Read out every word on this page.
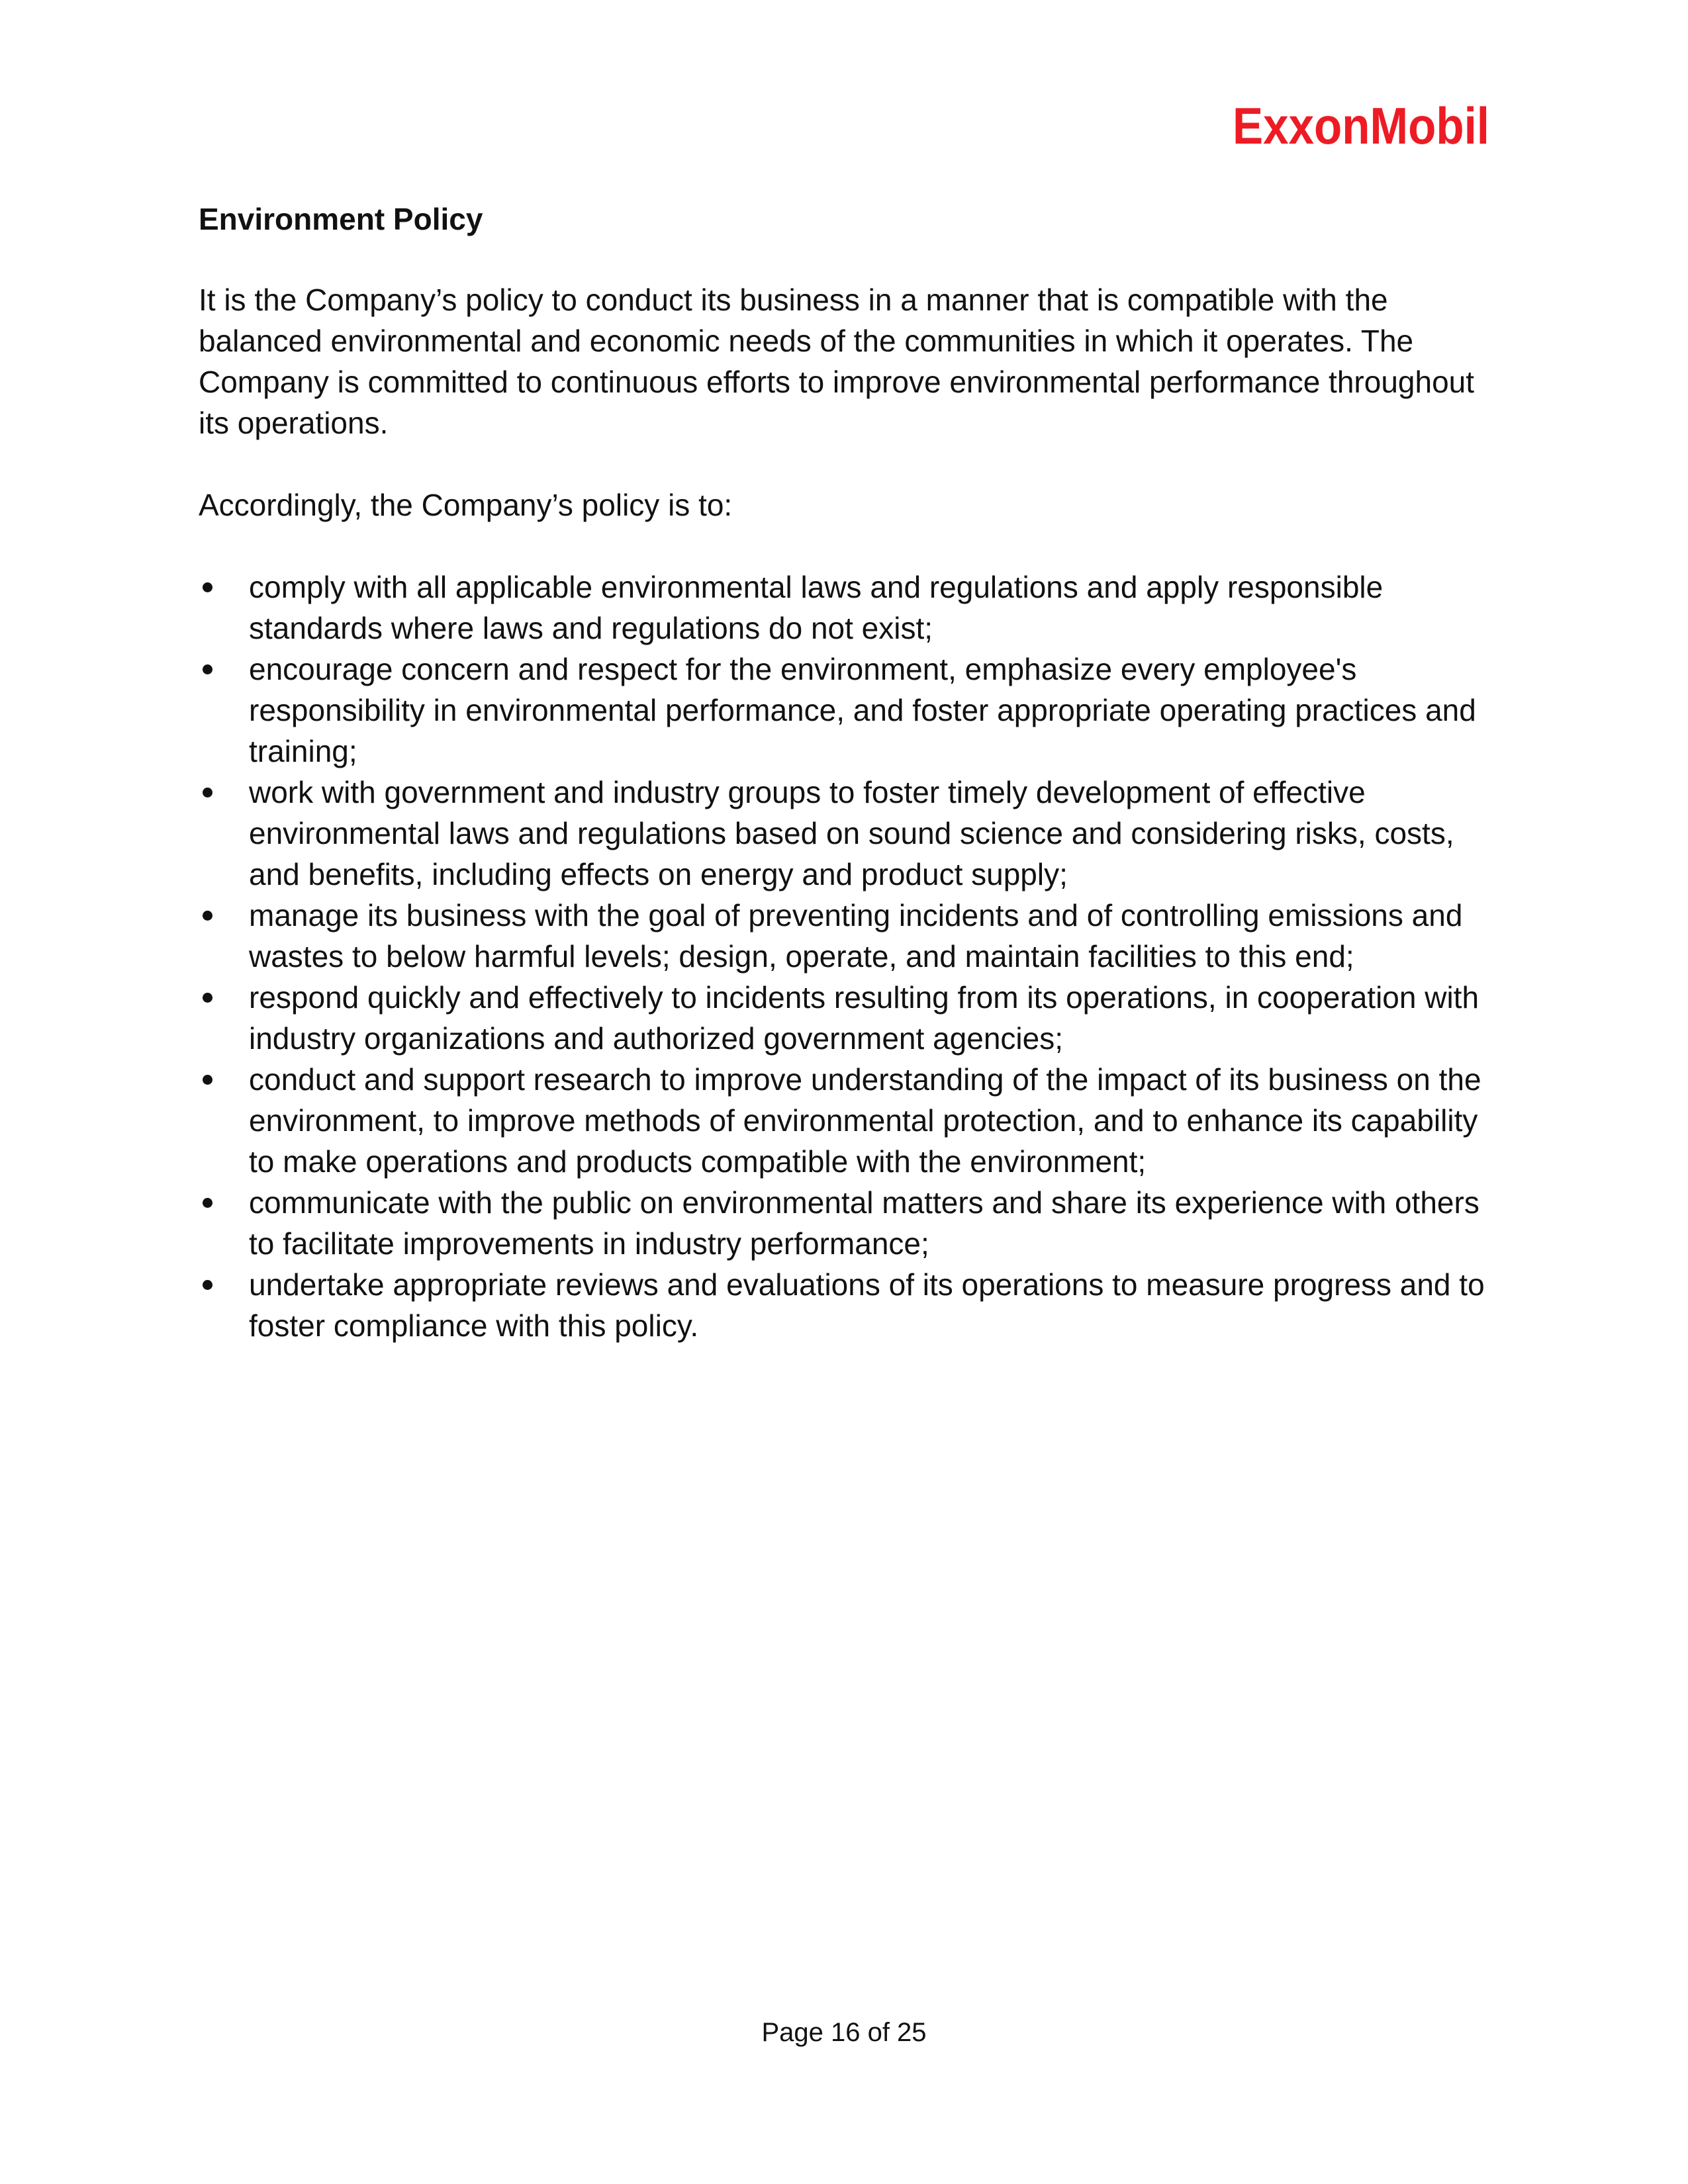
ExxonMobil
Environment Policy

It is the Company’s policy to conduct its business in a manner that is compatible with the balanced environmental and economic needs of the communities in which it operates. The Company is committed to continuous efforts to improve environmental performance throughout its operations.

Accordingly, the Company’s policy is to:

comply with all applicable environmental laws and regulations and apply responsible standards where laws and regulations do not exist;
encourage concern and respect for the environment, emphasize every employee's responsibility in environmental performance, and foster appropriate operating practices and training;
work with government and industry groups to foster timely development of effective environmental laws and regulations based on sound science and considering risks, costs, and benefits, including effects on energy and product supply;
manage its business with the goal of preventing incidents and of controlling emissions and wastes to below harmful levels; design, operate, and maintain facilities to this end;
respond quickly and effectively to incidents resulting from its operations, in cooperation with industry organizations and authorized government agencies;
conduct and support research to improve understanding of the impact of its business on the environment, to improve methods of environmental protection, and to enhance its capability to make operations and products compatible with the environment;
communicate with the public on environmental matters and share its experience with others to facilitate improvements in industry performance;
undertake appropriate reviews and evaluations of its operations to measure progress and to foster compliance with this policy.
Page 16 of 25
